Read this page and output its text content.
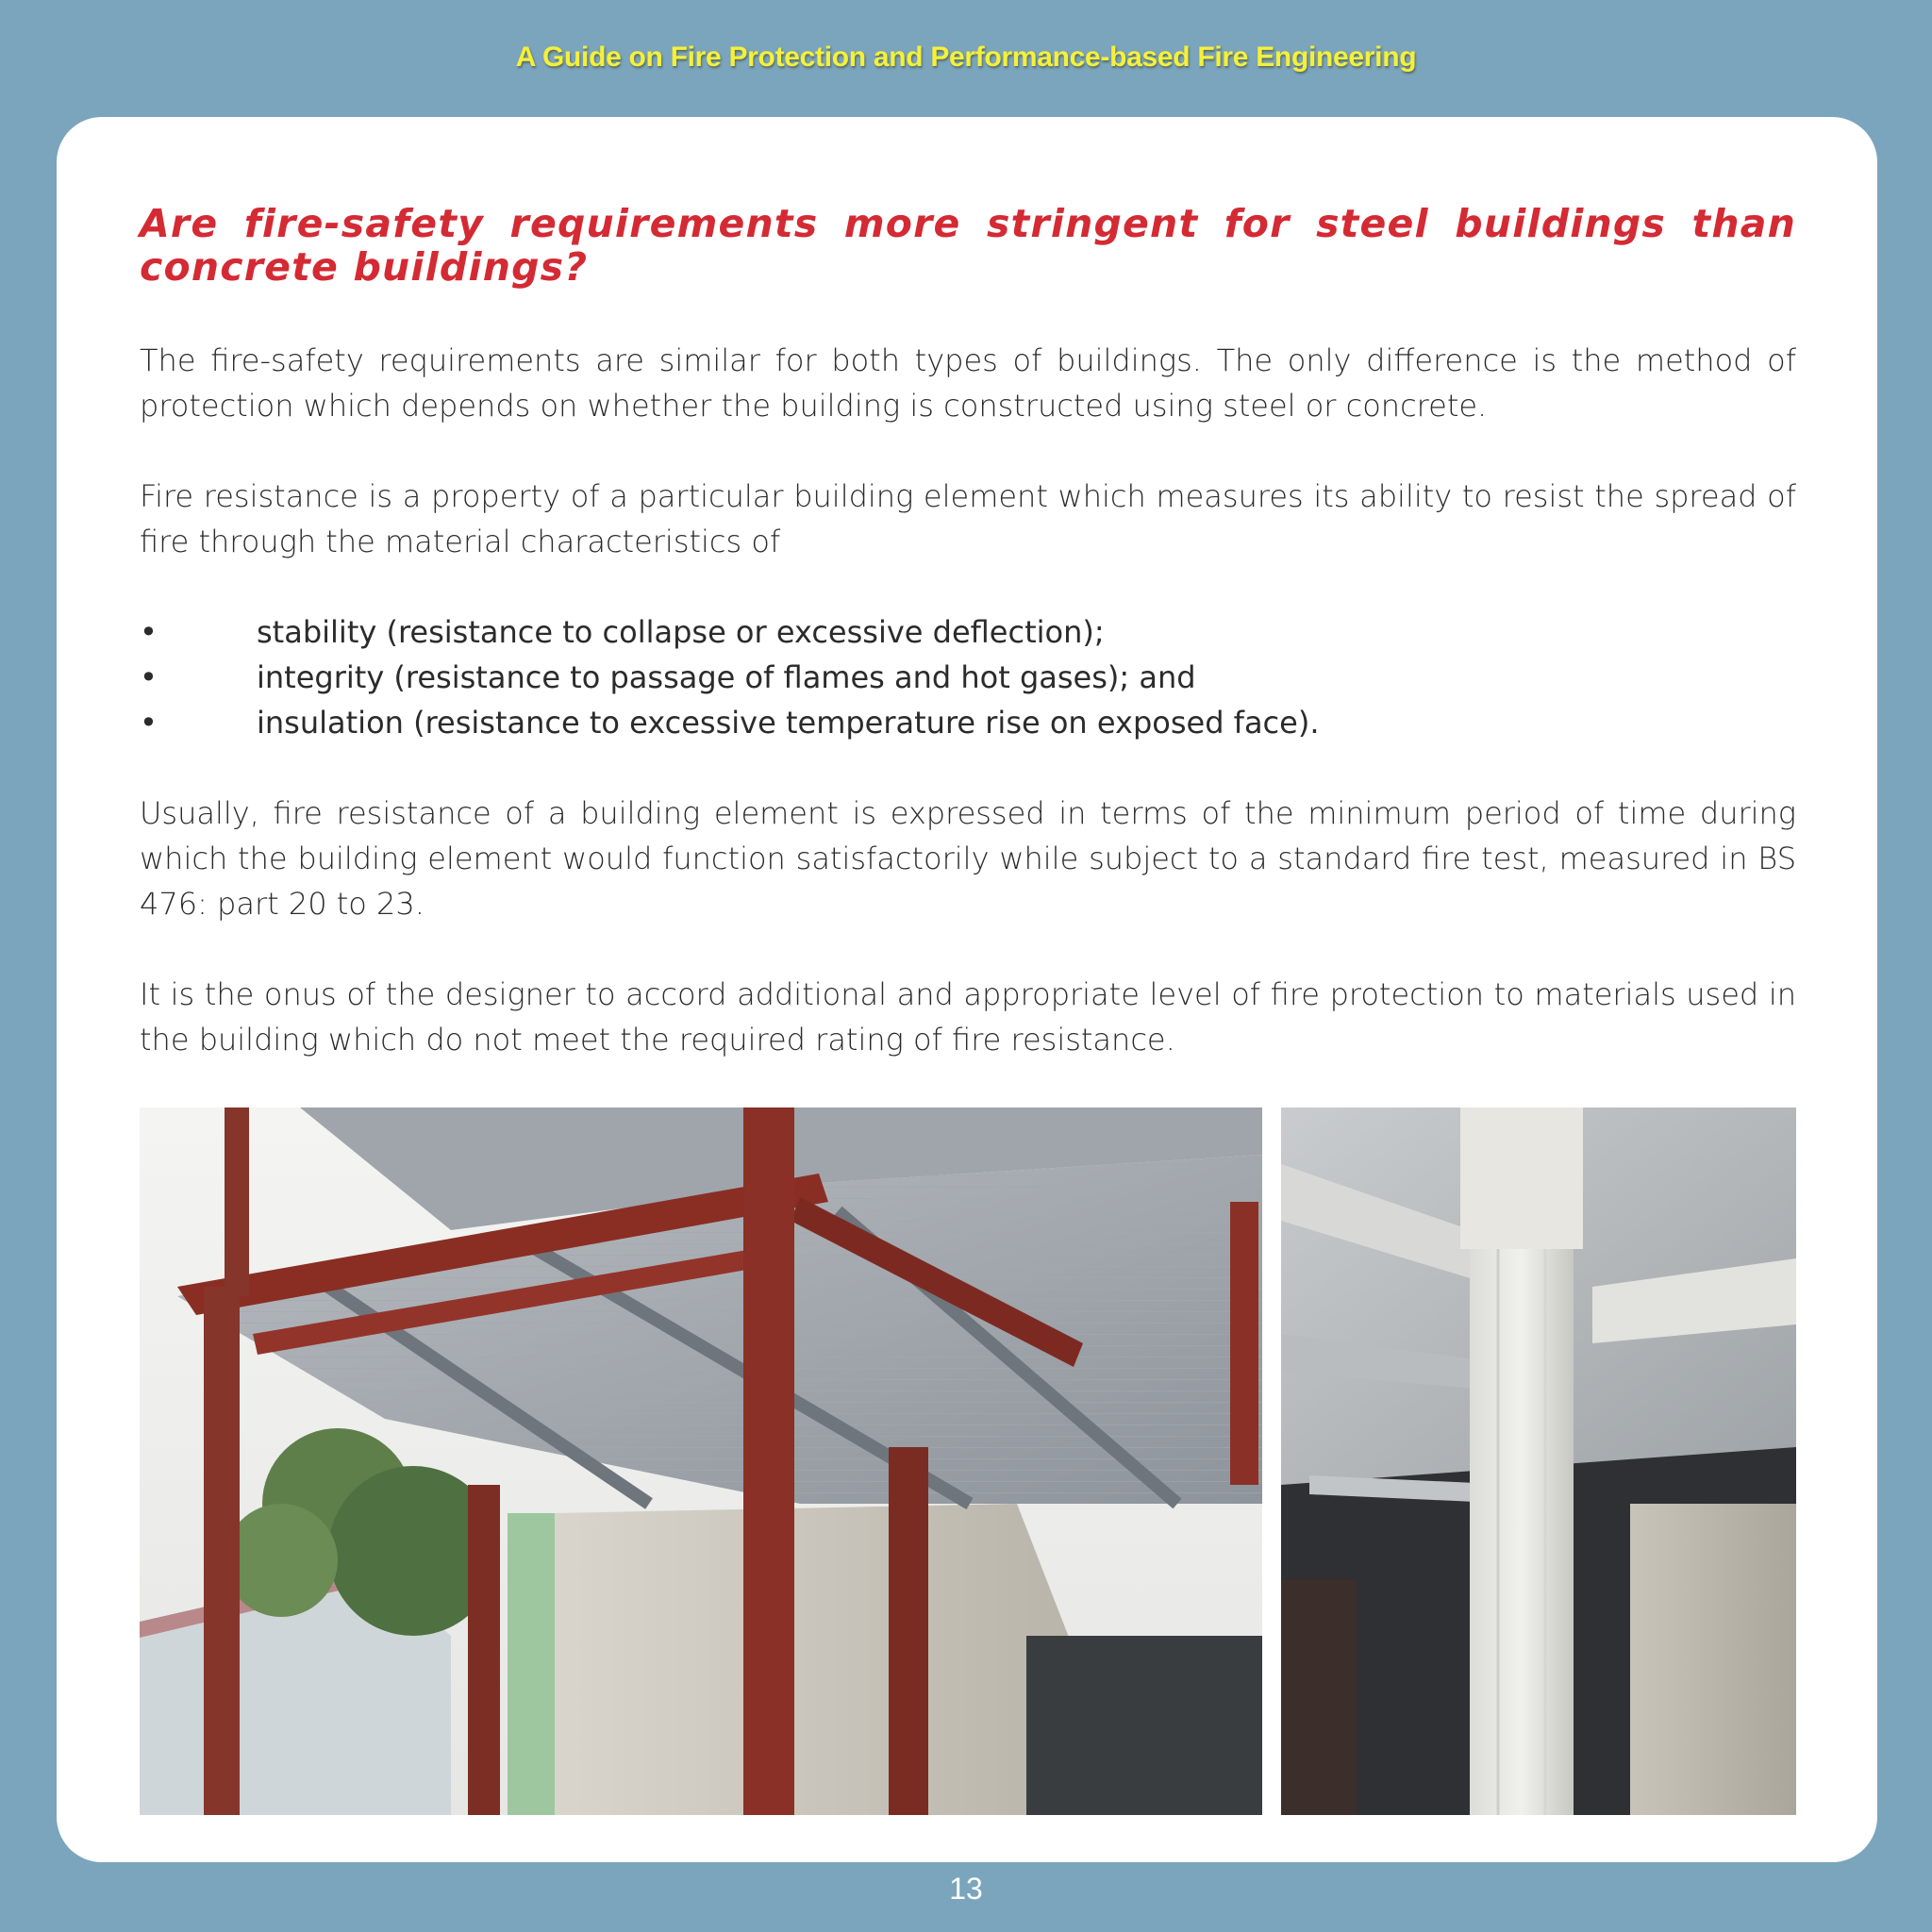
A Guide on Fire Protection and Performance-based Fire Engineering
Are fire-safety requirements more stringent for steel buildings than concrete buildings?

The fire-safety requirements are similar for both types of buildings. The only difference is the method of protection which depends on whether the building is constructed using steel or concrete.

Fire resistance is a property of a particular building element which measures its ability to resist the spread of fire through the material characteristics of

•	stability (resistance to collapse or excessive deflection);
•	integrity (resistance to passage of flames and hot gases); and
•	insulation (resistance to excessive temperature rise on exposed face).

Usually, fire resistance of a building element is expressed in terms of the minimum period of time during which the building element would function satisfactorily while subject to a standard fire test, measured in BS 476: part 20 to 23.

It is the onus of the designer to accord additional and appropriate level of fire protection to materials used in the building which do not meet the required rating of fire resistance.

13
